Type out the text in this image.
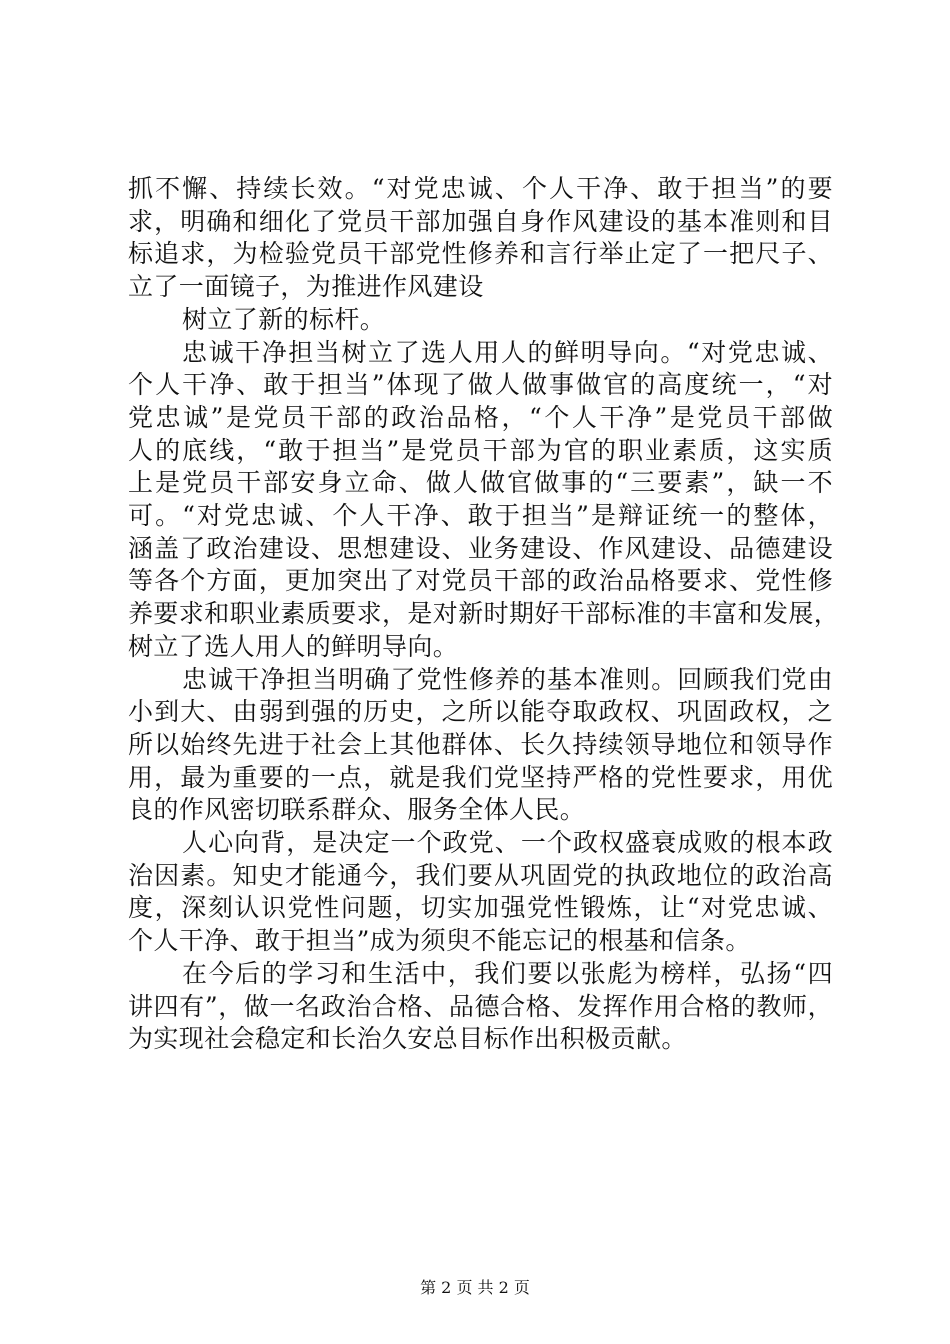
抓不懈、持续长效。“对党忠诚、个人干净、敢于担当”的要
求，明确和细化了党员干部加强自身作风建设的基本准则和目
标追求，为检验党员干部党性修养和言行举止定了一把尺子、
立了一面镜子，为推进作风建设
树立了新的标杆。
忠诚干净担当树立了选人用人的鲜明导向。“对党忠诚、
个人干净、敢于担当”体现了做人做事做官的高度统一，“对
党忠诚”是党员干部的政治品格，“个人干净”是党员干部做
人的底线，“敢于担当”是党员干部为官的职业素质，这实质
上是党员干部安身立命、做人做官做事的“三要素”，缺一不
可。“对党忠诚、个人干净、敢于担当”是辩证统一的整体，
涵盖了政治建设、思想建设、业务建设、作风建设、品德建设
等各个方面，更加突出了对党员干部的政治品格要求、党性修
养要求和职业素质要求，是对新时期好干部标准的丰富和发展，
树立了选人用人的鲜明导向。
忠诚干净担当明确了党性修养的基本准则。回顾我们党由
小到大、由弱到强的历史，之所以能夺取政权、巩固政权，之
所以始终先进于社会上其他群体、长久持续领导地位和领导作
用，最为重要的一点，就是我们党坚持严格的党性要求，用优
良的作风密切联系群众、服务全体人民。
人心向背，是决定一个政党、一个政权盛衰成败的根本政
治因素。知史才能通今，我们要从巩固党的执政地位的政治高
度，深刻认识党性问题，切实加强党性锻炼，让“对党忠诚、
个人干净、敢于担当”成为须臾不能忘记的根基和信条。
在今后的学习和生活中，我们要以张彪为榜样，弘扬“四
讲四有”，做一名政治合格、品德合格、发挥作用合格的教师，
为实现社会稳定和长治久安总目标作出积极贡献。
第 2 页 共 2 页
